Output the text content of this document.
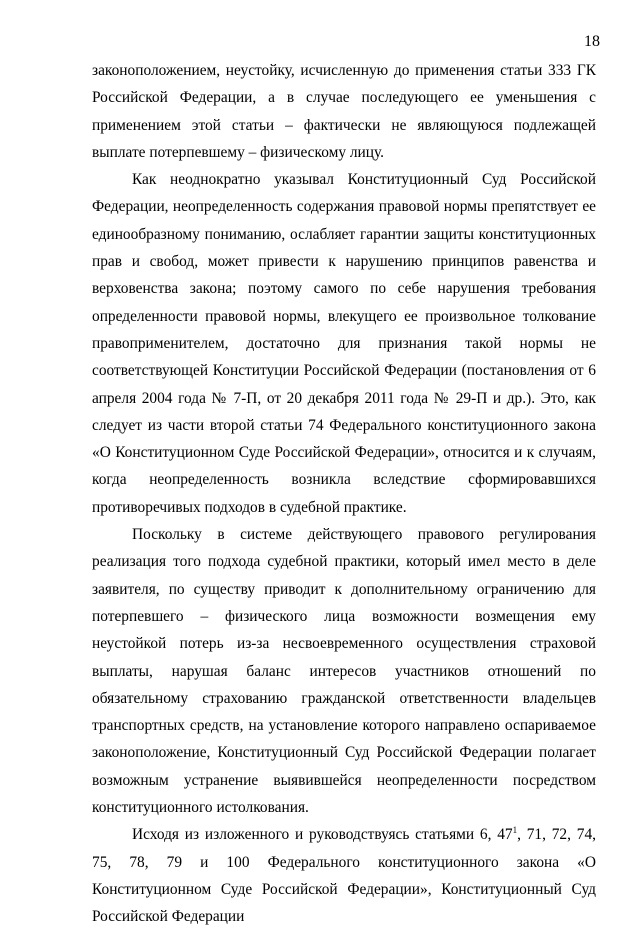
18

законоположением, неустойку, исчисленную до применения статьи 333 ГК Российской Федерации, а в случае последующего ее уменьшения с применением этой статьи – фактически не являющуюся подлежащей выплате потерпевшему – физическому лицу.

Как неоднократно указывал Конституционный Суд Российской Федерации, неопределенность содержания правовой нормы препятствует ее единообразному пониманию, ослабляет гарантии защиты конституционных прав и свобод, может привести к нарушению принципов равенства и верховенства закона; поэтому самого по себе нарушения требования определенности правовой нормы, влекущего ее произвольное толкование правоприменителем, достаточно для признания такой нормы не соответствующей Конституции Российской Федерации (постановления от 6 апреля 2004 года № 7-П, от 20 декабря 2011 года № 29-П и др.). Это, как следует из части второй статьи 74 Федерального конституционного закона «О Конституционном Суде Российской Федерации», относится и к случаям, когда неопределенность возникла вследствие сформировавшихся противоречивых подходов в судебной практике.

Поскольку в системе действующего правового регулирования реализация того подхода судебной практики, который имел место в деле заявителя, по существу приводит к дополнительному ограничению для потерпевшего – физического лица возможности возмещения ему неустойкой потерь из-за несвоевременного осуществления страховой выплаты, нарушая баланс интересов участников отношений по обязательному страхованию гражданской ответственности владельцев транспортных средств, на установление которого направлено оспариваемое законоположение, Конституционный Суд Российской Федерации полагает возможным устранение выявившейся неопределенности посредством конституционного истолкования.

Исходя из изложенного и руководствуясь статьями 6, $47^1$, 71, 72, 74, 75, 78, 79 и 100 Федерального конституционного закона «О Конституционном Суде Российской Федерации», Конституционный Суд Российской Федерации
